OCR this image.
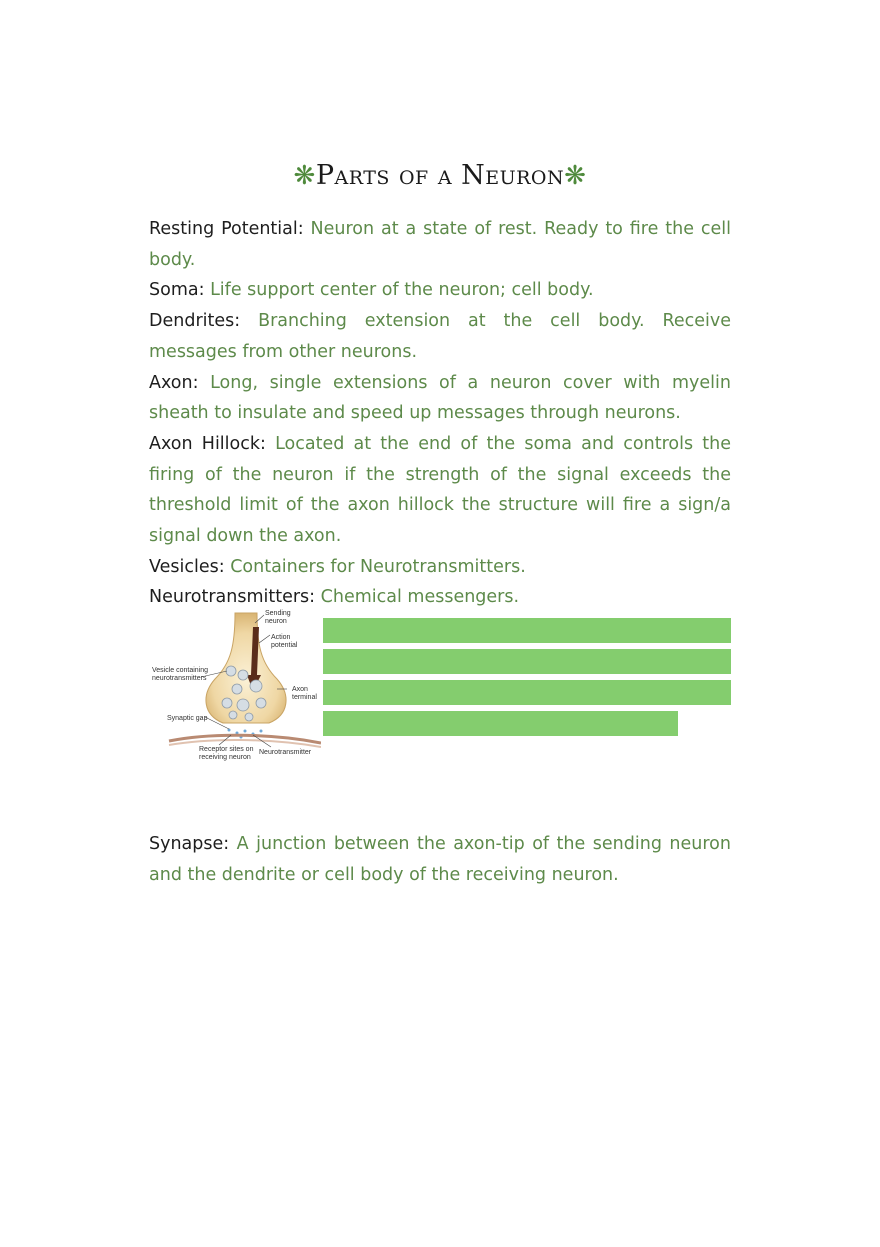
❋Parts of a Neuron❋

Resting Potential: Neuron at a state of rest. Ready to fire the cell body.

Soma: Life support center of the neuron; cell body.

Dendrites: Branching extension at the cell body. Receive messages from other neurons.

Axon: Long, single extensions of a neuron cover with myelin sheath to insulate and speed up messages through neurons.

Axon Hillock: Located at the end of the soma and controls the firing of the neuron if the strength of the signal exceeds the threshold limit of the axon hillock the structure will fire a sign/a signal down the axon.

Vesicles: Containers for Neurotransmitters.

Neurotransmitters: Chemical messengers.

Sending
neuron
Action
potential
Vesicle containing
neurotransmitters
Axon
terminal
Synaptic gap
Receptor sites on
receiving neuron
Neurotransmitter

Synapse: A junction between the axon-tip of the sending neuron and the dendrite or cell body of the receiving neuron.
